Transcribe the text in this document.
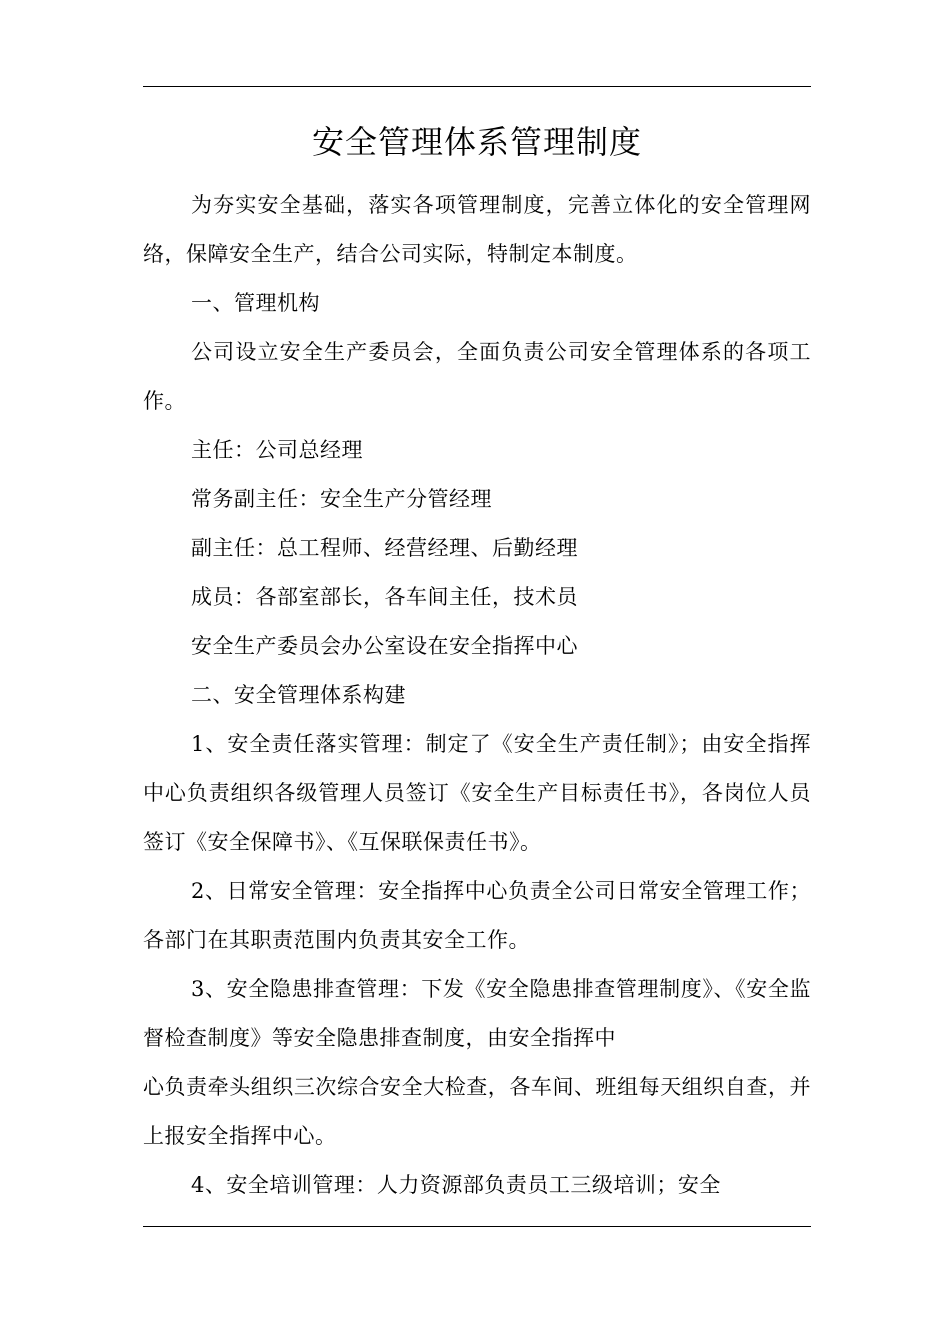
安全管理体系管理制度

为夯实安全基础，落实各项管理制度，完善立体化的安全管理网络，保障安全生产，结合公司实际，特制定本制度。

一、管理机构

公司设立安全生产委员会，全面负责公司安全管理体系的各项工作。

主任：公司总经理

常务副主任：安全生产分管经理

副主任：总工程师、经营经理、后勤经理

成员：各部室部长，各车间主任，技术员

安全生产委员会办公室设在安全指挥中心

二、安全管理体系构建

1、安全责任落实管理：制定了《安全生产责任制》；由安全指挥中心负责组织各级管理人员签订《安全生产目标责任书》，各岗位人员签订《安全保障书》、《互保联保责任书》。

2、日常安全管理：安全指挥中心负责全公司日常安全管理工作；各部门在其职责范围内负责其安全工作。

3、安全隐患排查管理：下发《安全隐患排查管理制度》、《安全监督检查制度》等安全隐患排查制度，由安全指挥中

心负责牵头组织三次综合安全大检查，各车间、班组每天组织自查，并上报安全指挥中心。

4、安全培训管理：人力资源部负责员工三级培训；安全
